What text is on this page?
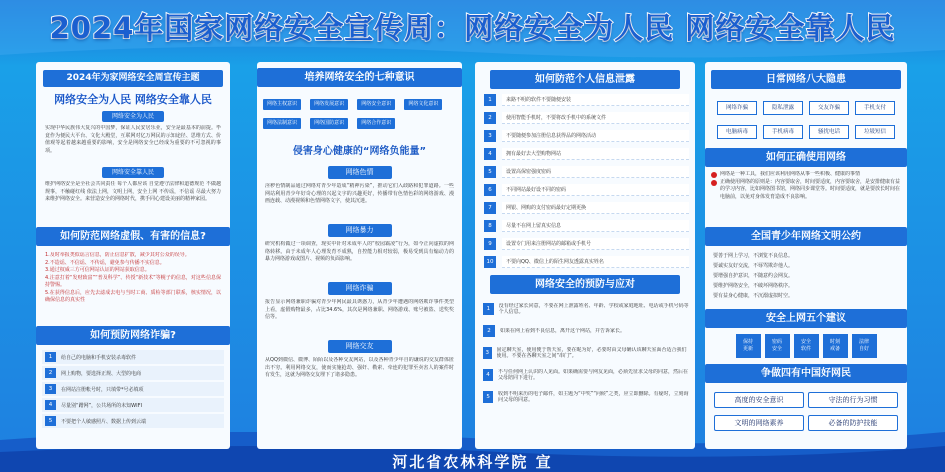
2024年国家网络安全宣传周：网络安全为人民 网络安全靠人民
2024年为家网络安全周宣传主题
网络安全为人民 网络安全靠人民
网络安全为人民
实现中华民族伟大复兴的中国梦，保证人民安居乐业，安全是最基本的前提。毕竟作为便民大平台、文化大殿堂，互联网对亿万网民的示知途径、思维方式、价值观等起着越来越重要的影响，安全是网络安全已经成为重要的不可忽视的事项。
网络安全靠人民
维护网络安全是全社会共同责任 每个人都应该 自觉遵守法律和道德规范 不做越规事，不触碰红线 依法上网，文明上网，安全上网 不传谣，不信谣 尽最大努力来维护网络安全。来营造安全的网络时代，携手同心建设美丽的精神家园。
如何防范网络虚假、有害的信息?
1.及时举报类似谣言信息，防止信息扩散，减少其对公众的误导。
2.不造谣、不信谣、不传谣，避免参与传播不实信息。
3.通过权威三方可信网站认证的网站获取信息。
4.注意打着“发财致富”“普及科学”、传授“新技术”等幌子的信息，对这些信息保持警惕。
5.在获得信息后，应先去滤成去电与当时工商、质检等部门联系，核实情况，以确保信息的真实性
如何预防网络诈骗?
1	给自己的电脑和手机安装杀毒软件
2	网上购物，要选择正规、大型的电商
3	在网站注册帐号时，只填带*号必填项
4	尽量别“蹭网”，公共场所的未知WIFI
5	不要把个人敏感照片、数据上传到云端
培养网络安全的七种意识
网络主权意识	网络发展意识	网络安全意识	网络文化意识 网络法制意识	网络国防意识	网络合作意识
侵害身心健康的“网络负能量”
网络色情
淫秽色情制品通过网络对青少年造成“精神污染”，推动它们入歧路和犯罪道路。一些网站利用青少年好奇心理的兴起文字的兴趣更好，传播带有色情色彩的网络游戏、漫画连载、动漫视频和色情网络文字，使其沉迷。
网络暴力
研究机构做过一项调查，现实中针对未成年人的“校园霸凌”行为，如今正向虚拟的网络转移。由于未成年人心理发育不成熟，自控能力相对较弱，极易受到具有煽动力的暴力网络游戏或图片、视频的负面影响。
网络诈骗
报告显示网络兼职诈骗对青少年网民最具诱惑力，从青少年遭遇的网络欺诈事件类型上看，虚假购物最多，占比34.6%，其次是网络兼职、网络游戏、账号被盗、送奖奖信等。
网络交友
从QQ到微信、微博、陌陌以及各种交友网站，以及各种青少年自的谦说的交友群体匿出不穷。利用网络交友，使而实施抢劫、强奸、勒索、牵连的犯罪至卖害人的案件时有发生，这就为网络交友埋下了诸多隐患。
如何防范个人信息泄露
1	来路不明的软件不要随便安装
2	使用智能手机时，不要将改手机中的系统文件
3	不要随便参加注册信息获得品的网络活动
4	拥有最好去大型购物网站
5	设置高保密强度密码
6	不同网站最好设不同的密码
7	网银、网购的支付密码最好定期更换
8	尽量不在网上留真实信息
9	设置专门用来注册网站的邮箱或手机号
10	不要向QQ、微信上的陌生网友透露真实姓名
网络安全的预防与应对
1
没有经过家长同意，不要在网上泄露姓名、年龄、学校或家庭地址、电话或手机号码等个人信息。
2	如果在网上看到不良信息，离开这个网站，并告诉家长。
3
固定聊天室，使用便于帮天室，要在昵为好，必要时由父母确认该聊天室面否适合我们使用。不要在各聊天室之间“串门”。
4
不与任何网上认识的人见面。如果确需要与网友见面，必须先征求父母的同意，然后在父母陪同下进行。
5
收到不明来历的电子邮件，如主题为“中奖”“问候”之类，应立即删除。有疑时，立刻询问父母的同意。
日常网络八大隐患
网络诈骗	隐私泄露	交友诈骗	手机支付 电脑病毒	手机病毒	骚扰电话	垃圾短信
如何正确使用网络
网络是一种工具，我们应该利用网络从事一些积极、健康的事情
正确使用网络的原则是：内容要取舍，时间要适度，内容要取舍，是安排健康有益的学习内容，比如网络图书馆，网络同步课堂等。时间要适度，就是要放长时间在电脑前，以免对身体发育造成不良影响。
全国青少年网络文明公约
要善于网上学习，不浏览不良信息。
要诚实友好交流，不辱骂欺诈他人。
要增强自护意识，不随意约会网友。
要维护网络安全，不破坏网络秩序。
要有益身心健康，不沉溺虚拟时空。
安全上网五个建议
保持
更新密码
安全安全
软件时刻
戒备法律
自好
争做四有中国好网民
高度的安全意识	守法的行为习惯 文明的网络素养	必备的防护技能
河北省农林科学院 宣
